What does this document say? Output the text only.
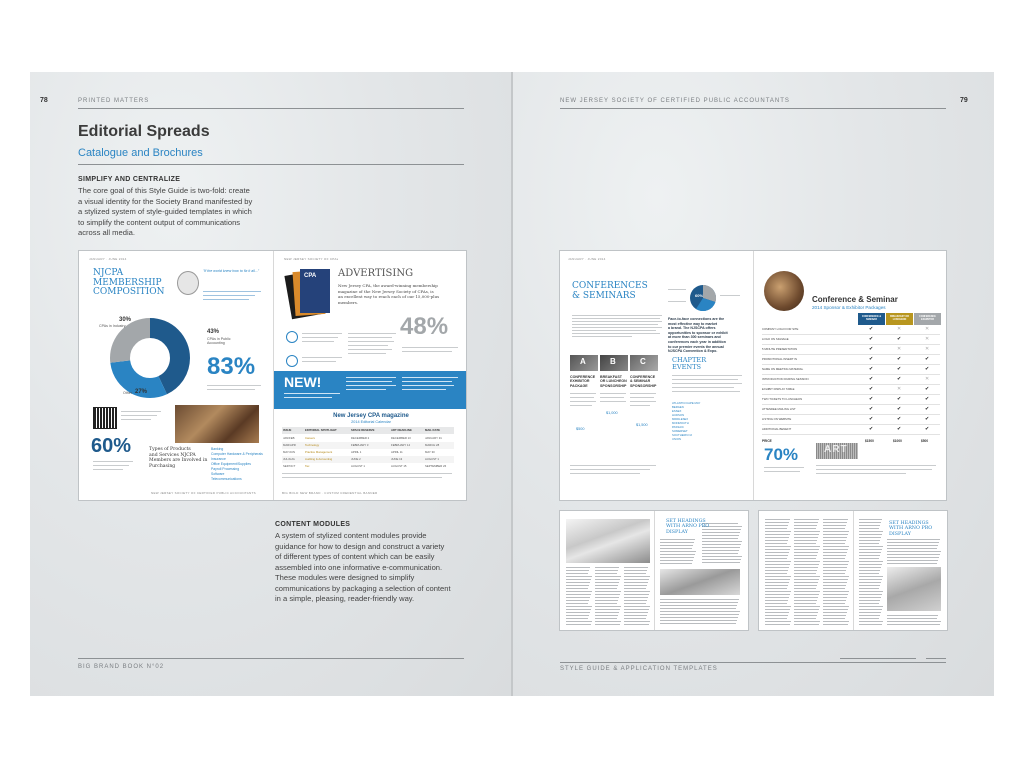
78	PRINTED MATTERS
Editorial Spreads
Catalogue and Brochures
SIMPLIFY AND CENTRALIZE
The core goal of this Style Guide is two-fold: create
a visual identity for the Society Brand manifested by
a stylized system of style-guided templates in which
to simplify the content output of communications
across all media.
JANUARY · JUNE 2014
NJCPA
MEMBERSHIP
COMPOSITION
"If the world knew how to fix it all..."
30%
CPAs in Industry
43%
CPAs in Public Accounting
Other 27%
83%
60%	Types of Products
and Services NJCPA
Members are Involved in
Purchasing
Banking
Computer Hardware & Peripherals
Insurance
Office Equipment/Supplies
Payroll Processing
Software
Telecommunications
NEW JERSEY SOCIETY OF CERTIFIED PUBLIC ACCOUNTANTS
NEW JERSEY SOCIETY OF CPAs
CPA ADVERTISING
New Jersey CPA, the award-winning membership
magazine of the New Jersey Society of CPAs, is
an excellent way to reach each of our 15,000-plus
members.
48%
NEW!
New Jersey CPA magazine
2014 Editorial Calendar
ISSUE	EDITORIAL SPOTLIGHT	SPACE RESERVE	ART DEADLINE	MAIL DATE
JAN/FEB	Careers	DECEMBER 2	DECEMBER 13	JANUARY 31
MAR/APR	Technology	FEBRUARY 3	FEBRUARY 14	MARCH 28
MAY/JUN	Practice Management	APRIL 1	APRIL 11	MAY 30
JUL/AUG	Auditing & Accounting	JUNE 2	JUNE 13	AUGUST 1
SEP/OCT	Tax	AUGUST 1	AUGUST 15	SEPTEMBER 26
BIG BOLD NEW BRAND · CUSTOM CREDENTIAL BANNER
CONTENT MODULES
A system of stylized content modules provide
guidance for how to design and construct a variety
of different types of content which can be easily
assembled into one informative e-communication.
These modules were designed to simplify
communications by packaging a selection of content
in a simple, pleasing, reader-friendly way.
BIG BRAND BOOK N°02
NEW JERSEY SOCIETY OF CERTIFIED PUBLIC ACCOUNTANTS	79
JANUARY · JUNE 2014
CONFERENCES
& SEMINARS	60%
Face-to-face connections are the
most effective way to market
a brand. The NJSCPA offers
opportunities to sponsor or exhibit
at more than 300 seminars and
conferences each year in addition
to our premier events the annual
NJSCPA Convention & Expo.
A	B	C
CONFERENCE
EXHIBITOR
PACKAGE
BREAKFAST
OR LUNCHEON
SPONSORSHIP
CONFERENCE
& SEMINAR
SPONSORSHIP
$500
$1,000
$1,500
CHAPTER
EVENTS
ATLANTIC/CAPE MAY
BERGEN
ESSEX
HUDSON
MIDDLESEX
MONMOUTH
PASSAIC
SOMERSET
SOUTHERN NJ
UNION
Conference & Seminar
2014 Sponsor & Exhibitor Packages
CONFERENCE & SEMINAR
BREAKFAST OR LUNCHEON
CONFERENCE EXHIBITOR
COMPANY LOGO FOR SITE	✔	✕	✕
LOGO ON SIGNAGE	✔	✔	✕
5 MINUTE PRESENTATION	✔	✕	✕
PROMOTIONAL INSERT IN	✔	✔	✔
NAME ON MEETING MATERIAL	✔	✔	✔
INTRODUCTION DURING SESSION	✔	✔	✕
EXHIBIT DISPLAY TABLE	✔	✕	✔
TWO TICKETS TO LUNCHEON	✔	✔	✔
ATTENDEE MAILING LIST	✔	✔	✔
LISTING ON WEBSITE	✔	✔	✔
ADDITIONAL BENEFIT	✔	✔	✔
PRICE	$1500	$1000	$500
70%	ART
SET HEADINGS
WITH ARNO PRO
DISPLAY
SET HEADINGS
WITH ARNO PRO
DISPLAY
STYLE GUIDE & APPLICATION TEMPLATES
